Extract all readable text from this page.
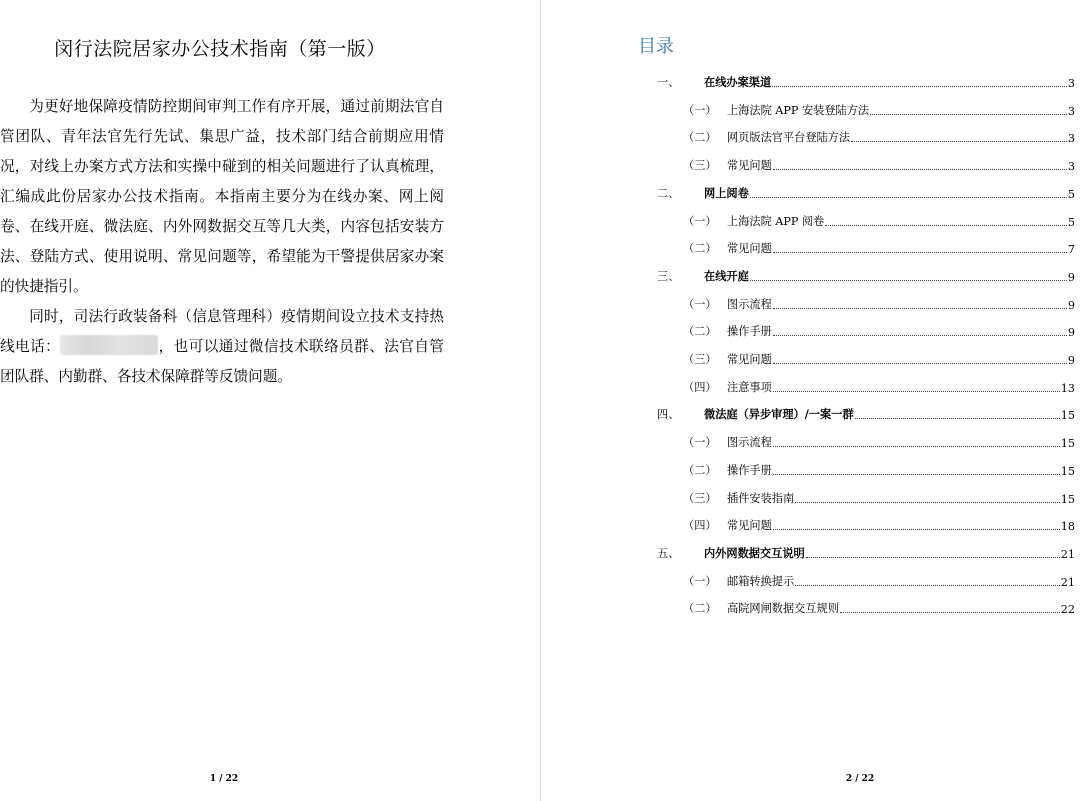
闵行法院居家办公技术指南（第一版）

为更好地保障疫情防控期间审判工作有序开展，通过前期法官自管团队、青年法官先行先试、集思广益，技术部门结合前期应用情况，对线上办案方式方法和实操中碰到的相关问题进行了认真梳理，汇编成此份居家办公技术指南。本指南主要分为在线办案、网上阅卷、在线开庭、微法庭、内外网数据交互等几大类，内容包括安装方法、登陆方式、使用说明、常见问题等，希望能为干警提供居家办案的快捷指引。

同时，司法行政装备科（信息管理科）疫情期间设立技术支持热线电话：	，也可以通过微信技术联络员群、法官自管团队群、内勤群、各技术保障群等反馈问题。

1 / 22
目录
一、	在线办案渠道	3
（一） 上海法院 APP 安装登陆方法	3
（二） 网页版法官平台登陆方法	3
（三） 常见问题	3
二、	网上阅卷	5
（一） 上海法院 APP 阅卷	5
（二） 常见问题	7
三、	在线开庭	9
（一） 图示流程	9
（二） 操作手册	9
（三） 常见问题	9
（四） 注意事项	13
四、	微法庭（异步审理）/一案一群	15
（一） 图示流程	15
（二） 操作手册	15
（三） 插件安装指南	15
（四） 常见问题	18
五、	内外网数据交互说明	21
（一） 邮箱转换提示	21
（二） 高院网闸数据交互规则	22
2 / 22
